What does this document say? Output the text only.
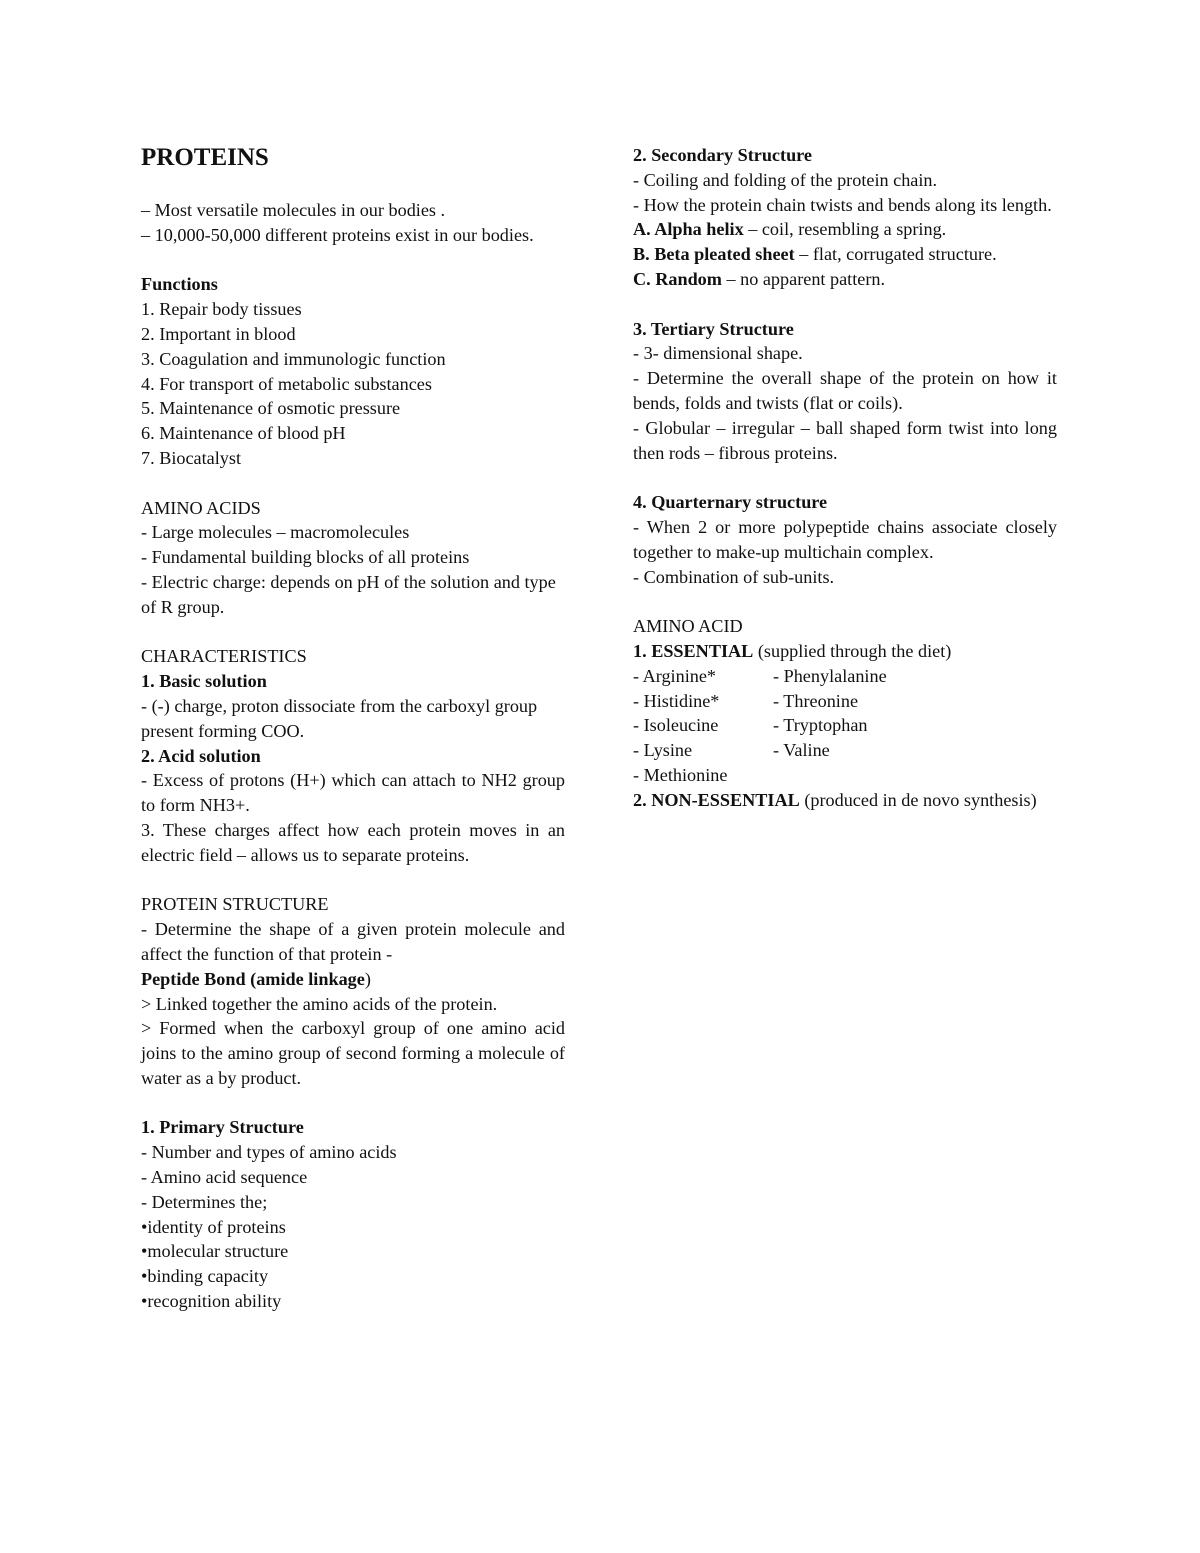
PROTEINS

– Most versatile molecules in our bodies .

– 10,000-50,000 different proteins exist in our bodies.

Functions

1. Repair body tissues

2. Important in blood

3. Coagulation and immunologic function

4. For transport of metabolic substances

5. Maintenance of osmotic pressure

6. Maintenance of blood pH

7. Biocatalyst

AMINO ACIDS

- Large molecules – macromolecules

- Fundamental building blocks of all proteins

- Electric charge: depends on pH of the solution and type of R group.

CHARACTERISTICS

1. Basic solution

- (-) charge, proton dissociate from the carboxyl group present forming COO.

2. Acid solution

- Excess of protons (H+) which can attach to NH2 group to form NH3+.

3. These charges affect how each protein moves in an electric field – allows us to separate proteins.

PROTEIN STRUCTURE

- Determine the shape of a given protein molecule and affect the function of that protein -

Peptide Bond (amide linkage)

> Linked together the amino acids of the protein.

> Formed when the carboxyl group of one amino acid joins to the amino group of second forming a molecule of water as a by product.

1. Primary Structure

- Number and types of amino acids

- Amino acid sequence

- Determines the;

•identity of proteins

•molecular structure

•binding capacity

•recognition ability

2. Secondary Structure

- Coiling and folding of the protein chain.

- How the protein chain twists and bends along its length.

A. Alpha helix – coil, resembling a spring.

B. Beta pleated sheet – flat, corrugated structure.

C. Random – no apparent pattern.

3. Tertiary Structure

- 3- dimensional shape.

- Determine the overall shape of the protein on how it bends, folds and twists (flat or coils).

- Globular – irregular – ball shaped form twist into long then rods – fibrous proteins.

4. Quarternary structure

- When 2 or more polypeptide chains associate closely together to make-up multichain complex.

- Combination of sub-units.

AMINO ACID

1. ESSENTIAL (supplied through the diet)

- Arginine*	- Phenylalanine
- Histidine*	- Threonine
- Isoleucine	- Tryptophan
- Lysine	- Valine

- Methionine

2. NON-ESSENTIAL (produced in de novo synthesis)
